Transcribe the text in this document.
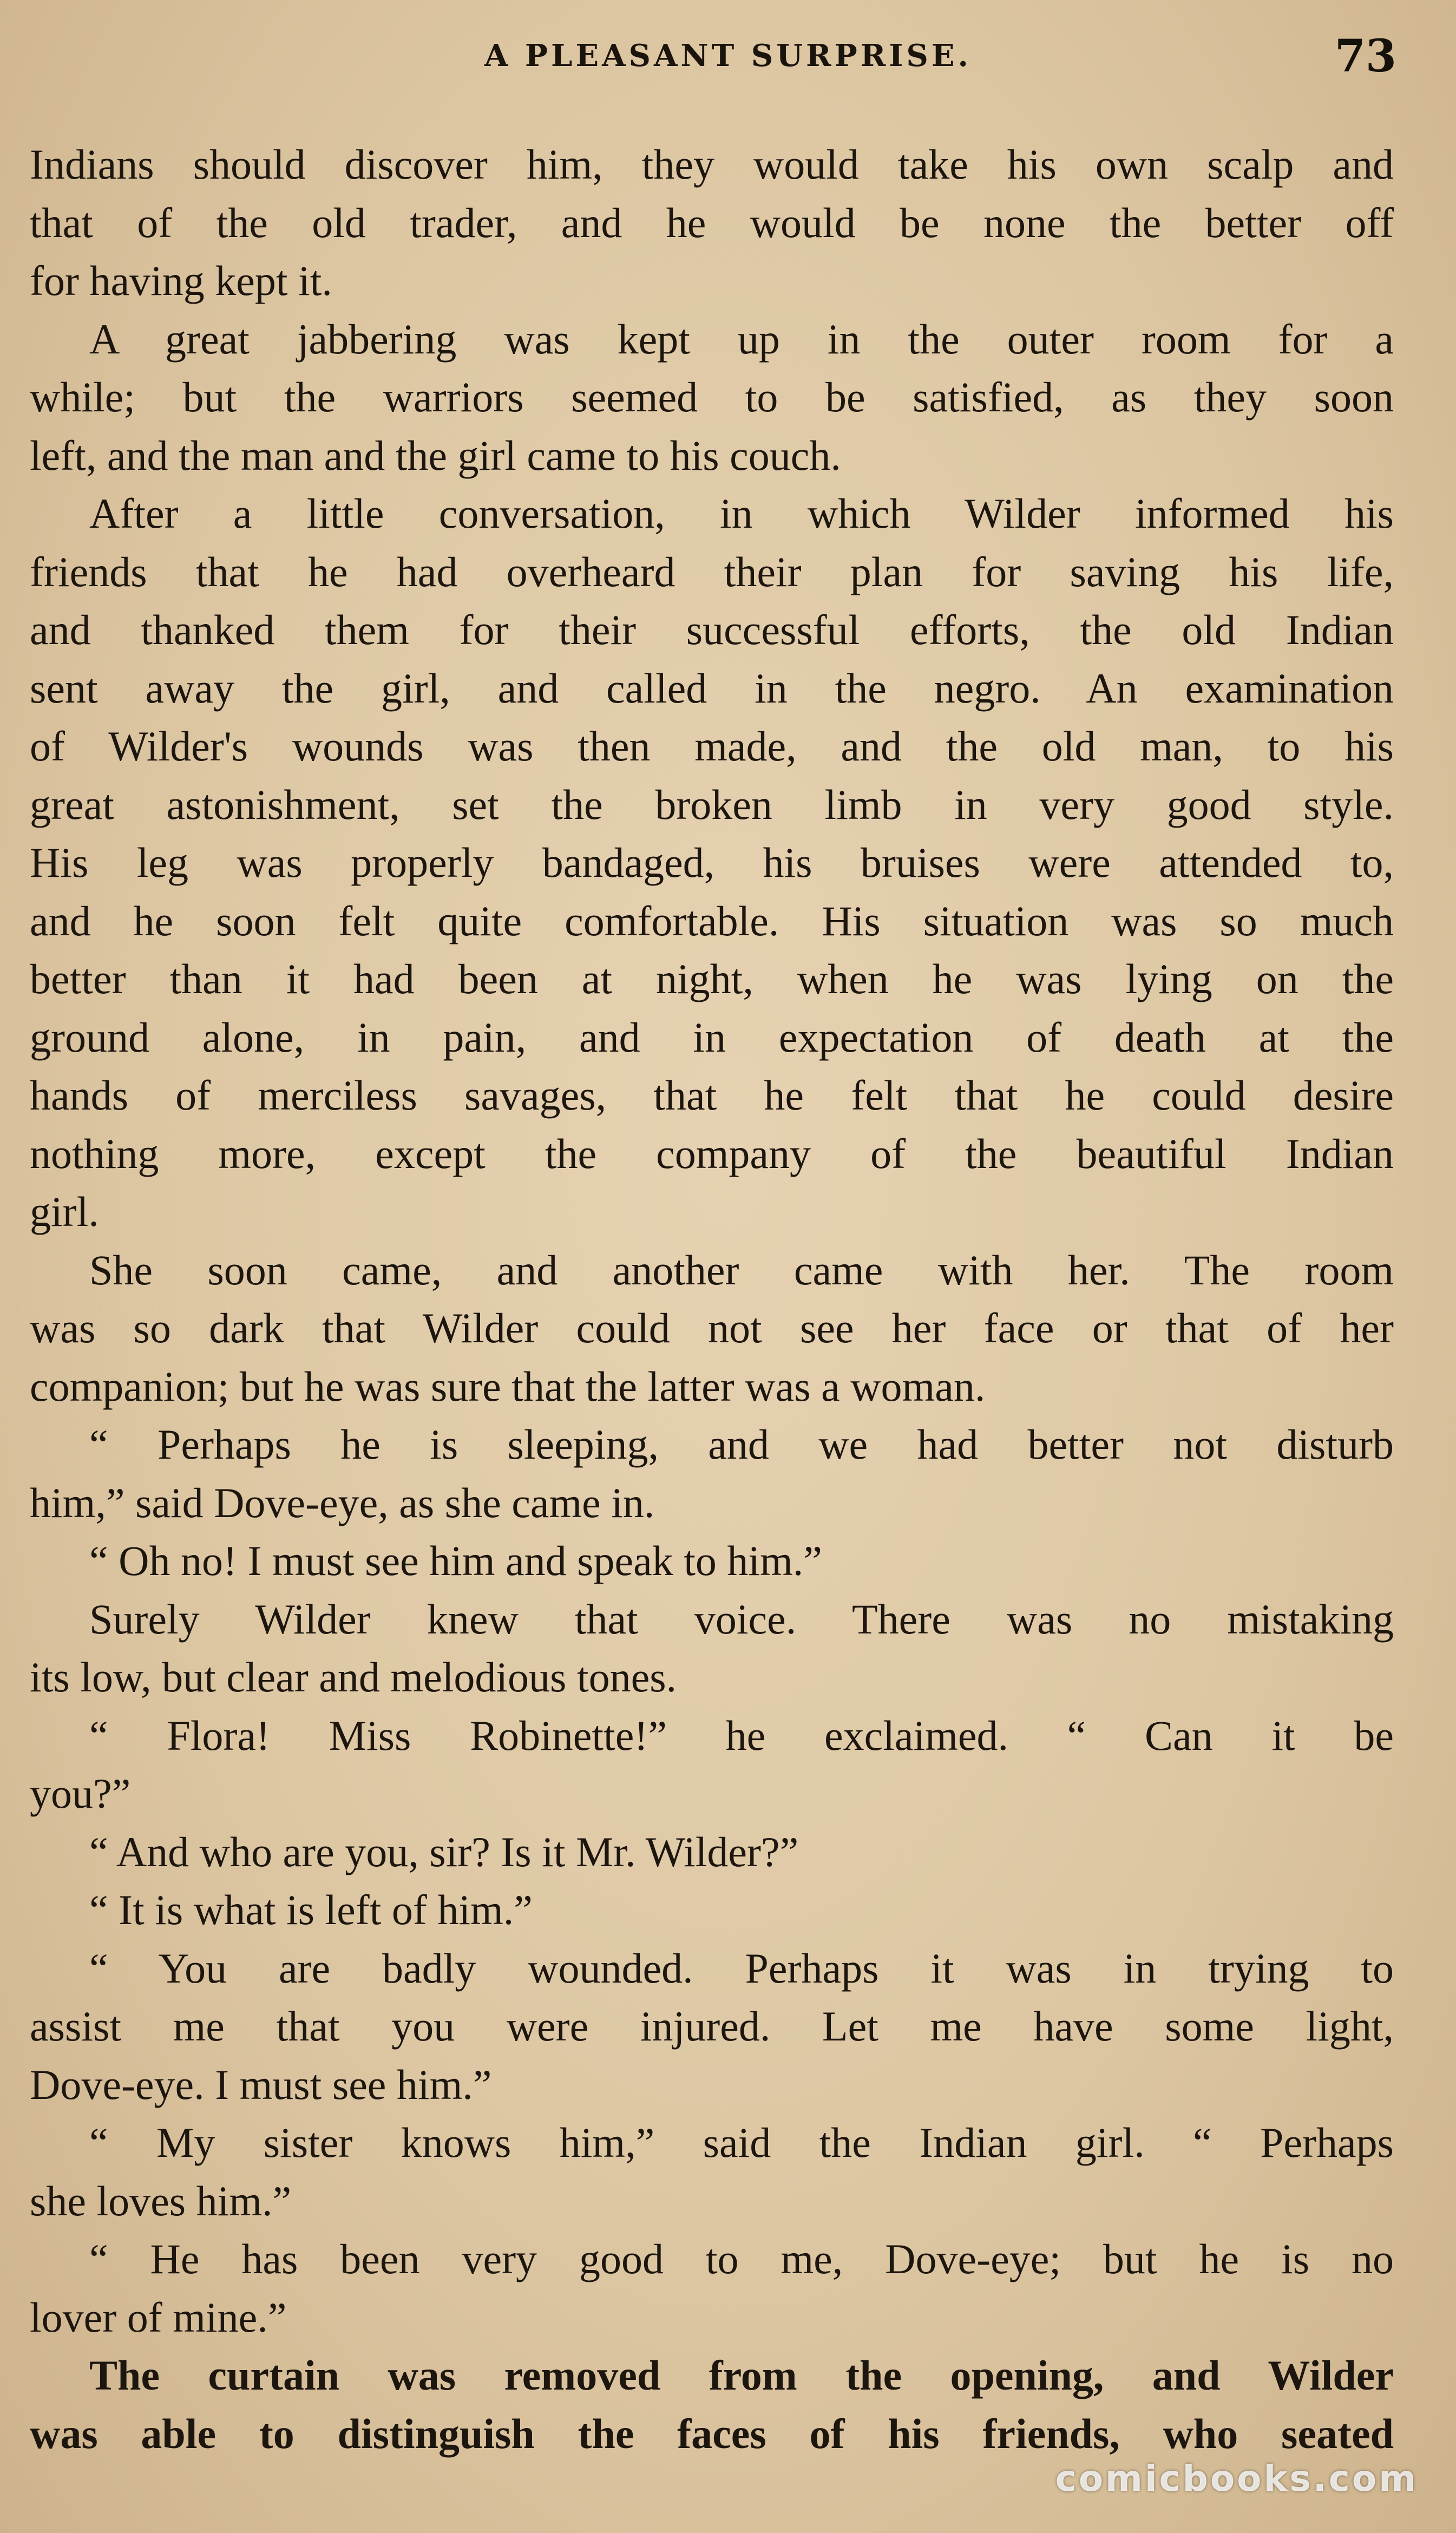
A PLEASANT SURPRISE.	73
Indians should discover him, they would take his own scalp and
that of the old trader, and he would be none the better off
for having kept it.
A great jabbering was kept up in the outer room for a
while; but the warriors seemed to be satisfied, as they soon
left, and the man and the girl came to his couch.
After a little conversation, in which Wilder informed his
friends that he had overheard their plan for saving his life,
and thanked them for their successful efforts, the old Indian
sent away the girl, and called in the negro. An examination
of Wilder's wounds was then made, and the old man, to his
great astonishment, set the broken limb in very good style.
His leg was properly bandaged, his bruises were attended to,
and he soon felt quite comfortable. His situation was so much
better than it had been at night, when he was lying on the
ground alone, in pain, and in expectation of death at the
hands of merciless savages, that he felt that he could desire
nothing more, except the company of the beautiful Indian
girl.
She soon came, and another came with her. The room
was so dark that Wilder could not see her face or that of her
companion; but he was sure that the latter was a woman.
“ Perhaps he is sleeping, and we had better not disturb
him,” said Dove-eye, as she came in.
“ Oh no! I must see him and speak to him.”
Surely Wilder knew that voice. There was no mistaking
its low, but clear and melodious tones.
“ Flora! Miss Robinette!” he exclaimed. “ Can it be
you?”
“ And who are you, sir? Is it Mr. Wilder?”
“ It is what is left of him.”
“ You are badly wounded. Perhaps it was in trying to
assist me that you were injured. Let me have some light,
Dove-eye. I must see him.”
“ My sister knows him,” said the Indian girl. “ Perhaps
she loves him.”
“ He has been very good to me, Dove-eye; but he is no
lover of mine.”
The curtain was removed from the opening, and Wilder
was able to distinguish the faces of his friends, who seated
comicbooks.com
